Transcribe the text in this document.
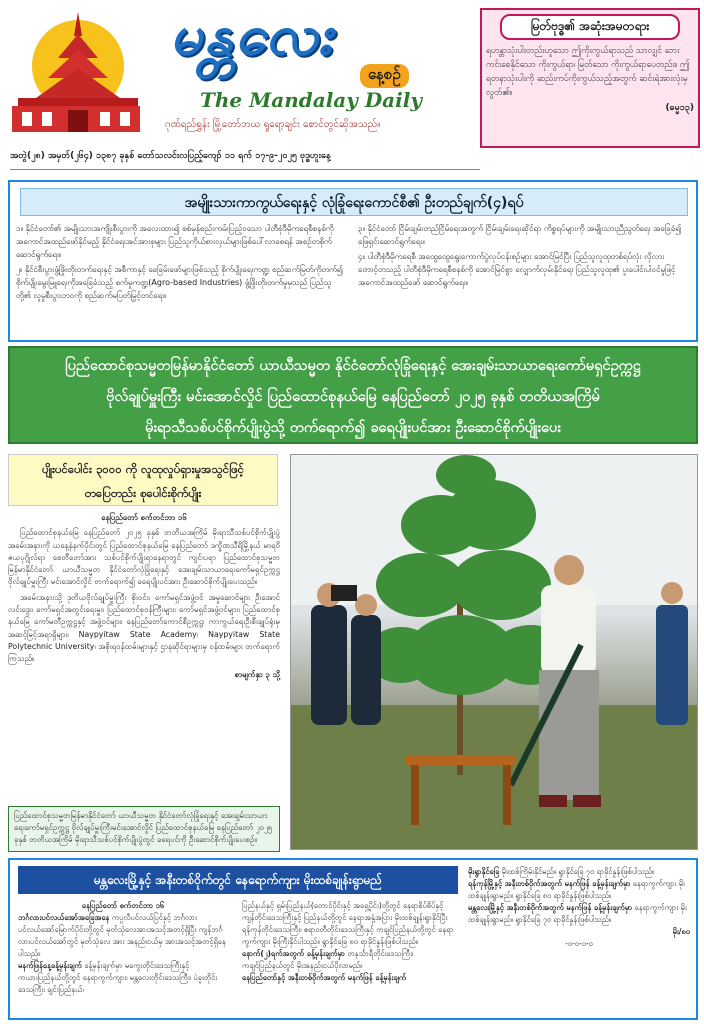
မန္တလေး
နေ့စဉ်
The Mandalay Daily
ဂုဏ်ရည်ရွှန်း မြို့တော်ဘယ ရှုရော့ချင်း စောင်တွင်ဆိုအသည်။
မြတ်ဗုဒ္ဓ၏ အဆုံးအမတရား
ရဟန္တာသုံးပါးတည်းဟူသော ဤကိုးကွယ်ရာသည် သာလျှင် ဘေးကင်းစေနိုင်သော ကိုးကွယ်ရာ၊ မြတ်သော ကိုးကွယ်ရာပေတည်း။ ဤရတနာသုံးပါးကို ဆည်းကပ်ကိုးကွယ်သည့်အတွက် ဆင်းရဲအားလုံးမှ လွတ်၏။
(ဓမ္မ၁၃)
အတွဲ(၂၈) အမှတ်(၂၆၄) ၁၃၈၇ ခုနှစ် တော်သလင်းလပြည့်ကျော် ၁၁ ရက် ၁၇-၉-၂၀၂၅ ဗုဒ္ဓဟူးနေ့
အမျိုးသားကာကွယ်ရေးနှင့် လုံခြုံရေးကောင်စီ၏ ဦးတည်ချက်(၄)ရပ်

၁။ နိုင်ငံတော်၏ အမျိုးသားအကျိုးစီးပွားကို အလေးထား၍ စစ်မှန်စည်းကမ်းပြည့်ဝသော ပါတီစုံဒီမိုကရေစီစနစ်ကို အကောင်အထည်ဖော်နိုင်မည့် နိုင်ငံရေးအင်အားစုများ ပြည်သူကိုယ်စားလှယ်များဖြစ်ပေါ်လာစေရန် အစဉ်တစိုက်ဆောင်ရွက်ရေး။

၂။ နိုင်ငံစီးပွားဖွံ့ဖြိုးတိုးတက်ရေးနှင့် အစီကာနှင့် ခေခြမ်းဖော်များဖြစ်သည့် စိုက်ပျိုးရေးကဏ္ဍ စည်ဆက်မြတ်ကိုတက်၍ စိုက်ပျိုးမွေးမြူရေးကိုအခြေခံသည့် စက်မှုကဏ္ဍ(Agro-based Industries) ဖွံ့ဖြိုးတိုးတက်မှုမှသည် ပြည်သူတို့၏ လူမှုစီးပွားဘဝကို စည်ဆက်မပြတ်မြှင့်တင်ရေး။

၃။ နိုင်ငံတော် ငြိမ်းချမ်းတည်ငြိမ်ရေးအတွက် ငြိမ်းချမ်းရေးဆိုင်ရာ ကိစ္စရပ်များကို အမျိုးသားညီညွတ်ရေး အခြေခံ၍ ဖြေရှင်းဆောင်ရွက်ရေး။

၄။ ပါတီစုံဒီမိုကရေစီ အထွေထွေရွေးကောက်ပွဲလုပ်ငန်းစဉ်များ အောင်မြင်ပြီး ပြည်သူလူထုတစ်ရပ်လုံး လိုလားတောင့်တသည့် ပါတီစုံဒီမိုကရေစီစနစ်ကို အောင်မြင်စွာ လျှောက်လှမ်းနိုင်ရေး ပြည်သူလူထု၏ ပူးပေါင်းပါဝင်မှုဖြင့် အကောင်အထည်ဖော် ဆောင်ရွက်ရေး။

ပြည်ထောင်စုသမ္မတမြန်မာနိုင်ငံတော် ယာယီသမ္မတ နိုင်ငံတော်လုံခြုံရေးနှင့် အေးချမ်းသာယာရေးကော်မရှင်ဥက္ကဋ္ဌ
ဗိုလ်ချုပ်မှူးကြီး မင်းအောင်လှိုင် ပြည်ထောင်စုနယ်မြေ နေပြည်တော် ၂၀၂၅ ခုနှစ် တတိယအကြိမ်
မိုးရာသီသစ်ပင်စိုက်ပျိုးပွဲသို့ တက်ရောက်၍ ခရေပျိုးပင်အား ဦးဆောင်စိုက်ပျိုးပေး
ပျိုးပင်ပေါင်း ၃၀၀၀ ကို လူထုလှုပ်ရှားမှုအသွင်ဖြင့်
တပြေတည်း စုပေါင်းစိုက်ပျိုး
နေပြည်တော် စက်တင်ဘာ ၁၆

ပြည်ထောင်စုနယ်မြေ နေပြည်တော် ၂၀၂၅ ခုနှစ် တတိယအကြိမ် မိုးရာသီသစ်ပင်စိုက်ပျိုးပွဲအခမ်းအနားကို ယနေ့နံနက်ပိုင်းတွင် ပြည်ထောင်စုနယ်မြေ နေပြည်တော် ဒက္ခိဏသီရိမြို့နယ် မာရဝိဇယပုဂ္ဂိုလ်ရာ စေတီတော်အား သစ်ပင်စိုက်ပျိုးရာနေရာတွင် ကျင်းပရာ ပြည်ထောင်စုသမ္မတမြန်မာနိုင်ငံတော် ယာယီသမ္မတ နိုင်ငံတော်လုံခြုံရေးနှင့် အေးချမ်းသာယာရေးကော်မရှင်ဥက္ကဋ္ဌ ဗိုလ်ချုပ်မှူးကြီး မင်းအောင်လှိုင် တက်ရောက်၍ ခရေပျိုးပင်အား ဦးဆောင်စိုက်ပျိုးပေးသည်။

အခမ်းအနားသို့ ဒုတိယဗိုလ်ချုပ်မှူးကြီး စိုးဝင်း၊ ကော်မရှင်အဖွဲ့ဝင် အမှုဆောင်များ ဦးအောင်လင်းဒွေး၊ ကော်မရှင်အတွင်းရေးမှူး၊ ပြည်ထောင်စုဝန်ကြီးများ၊ ကော်မရှင်အဖွဲ့ဝင်များ၊ ပြည်ထောင်စုနယ်မြေ ကော်မတီဥက္ကဋ္ဌနှင့် အဖွဲ့ဝင်များ၊ နေပြည်တော်ကောင်စီဥက္ကဋ္ဌ၊ ကာကွယ်ရေးဦးစီးချုပ်ရုံးမှ အဆင့်မြင့်အရာရှိများ၊ Naypyitaw State Academy၊ Naypyitaw State Polytechnic University၊ အစိုးရဝန်ထမ်းများနှင့် ဌာနဆိုင်ရာများမှ ဝန်ထမ်းများ တက်ရောက်ကြသည်။

စာမျက်နှာ ၃ သို့
ပြည်ထောင်စုသမ္မတမြန်မာနိုင်ငံတော် ယာယီသမ္မတ နိုင်ငံတော်လုံခြုံရေးနှင့် အေးချမ်းသာယာရေးကော်မရှင်ဥက္ကဋ္ဌ ဗိုလ်ချုပ်မှူးကြီးမင်းအောင်လှိုင် ပြည်ထောင်စုနယ်မြေ နေပြည်တော် ၂၀၂၅ ခုနှစ် တတိယအကြိမ် မိုးရာသီသစ်ပင်စိုက်ပျိုးပွဲတွင် ခရေပင်ကို ဦးဆောင်စိုက်ပျိုးပေးစဉ်။
မန္တလေးမြို့နှင့် အနီးတစ်ဝိုက်တွင် နေရောက်ကျား မိုးထစ်ချုန်းရွာမည်
နေပြည်တော် စက်တင်ဘာ ၁၆
ဘင်္ဂလားပင်လယ်အော်အခြေအနေ ကပ္ပလီပင်လယ်ပြင်နှင့် ဘင်္ဂလားပင်လယ်အော်မြောက်ပိုင်းတို့တွင် မုတ်သုံလေအားအသင့်အတင့်ရှိပြီး ကျန်ဘင်္ဂလားပင်လယ်အော်တွင် မုတ်သုံလေ အား အနည်းငယ်မှ အားအသင့်အတင့်ရှိနေပါသည်။
မနက်ဖြန်နေ့ခန့်မှန်းချက် ခန့်မှန်းချက်မှာ မကွေးတိုင်းဒေသကြီးနှင့် ကယားပြည်နယ်တို့တွင် နေရာကွက်ကျား၊ မန္တလေးတိုင်းဒေသကြီး၊ ပဲခူးတိုင်းဒေသကြီး၊ ချင်းပြည်နယ်၊
ပြည်နယ်နှင့် ရှမ်းပြည်နယ်(တောင်ပိုင်းနှင့် အရှေ့ပိုင်း)တို့တွင် နေရာစိပ်စိပ်နှင့် ကျန်တိုင်းဒေသကြီးနှင့် ပြည်နယ်တို့တွင် နေရာအနှံ့အပြား မိုးထစ်ချုန်းရွာနိုင်ပြီး ရန်ကုန်တိုင်းဒေသကြီး၊ ဧရာဝတီတိုင်းဒေသကြီးနှင့် ကချင်ပြည်နယ်တို့တွင် နေရာကွက်ကျား မိုးကြီးနိုင်ပါသည်။ ရွာနိုင်ခြေ ၈၀ ရာခိုင်နှုန်းဖြစ်ပါသည်။
နောက်(၂)ရက်အတွက် ခန့်မှန်းချက်မှာ တနင်္သာရီတိုင်းဒေသကြီး၊ ကချင်ပြည်နယ်တွင် မိုးအနည်းငယ်ပိုလာမည်။
နေပြည်တော်နှင့် အနီးတစ်ဝိုက်အတွက် မနက်ဖြန် ခန့်မှန်းချက်
မိုးရွာနိုင်ခြေ မိုးထစ်ကြိမ်းနိုင်မည်။ ရွာနိုင်ခြေ ၇၀ ရာခိုင်နှုန်းဖြစ်ပါသည်။
ရန်ကုန်မြို့နှင့် အနီးတစ်ဝိုက်အတွက် မနက်ဖြန် ခန့်မှန်းချက်မှာ နေရာကွက်ကျား မိုးထစ်ချုန်းရွာမည်။ ရွာနိုင်ခြေ ၈၀ ရာခိုင်နှုန်းဖြစ်ပါသည်။
မန္တလေးမြို့နှင့် အနီးတစ်ဝိုက်အတွက် မနက်ဖြန် ခန့်မှန်းချက်မှာ နေရာကွက်ကျား မိုးထစ်ချုန်းရွာမည်။ ရွာနိုင်ခြေ ၇၀ ရာခိုင်နှုန်းဖြစ်ပါသည်။
မိုး/၈၀
-၀-၀-၀-၀
